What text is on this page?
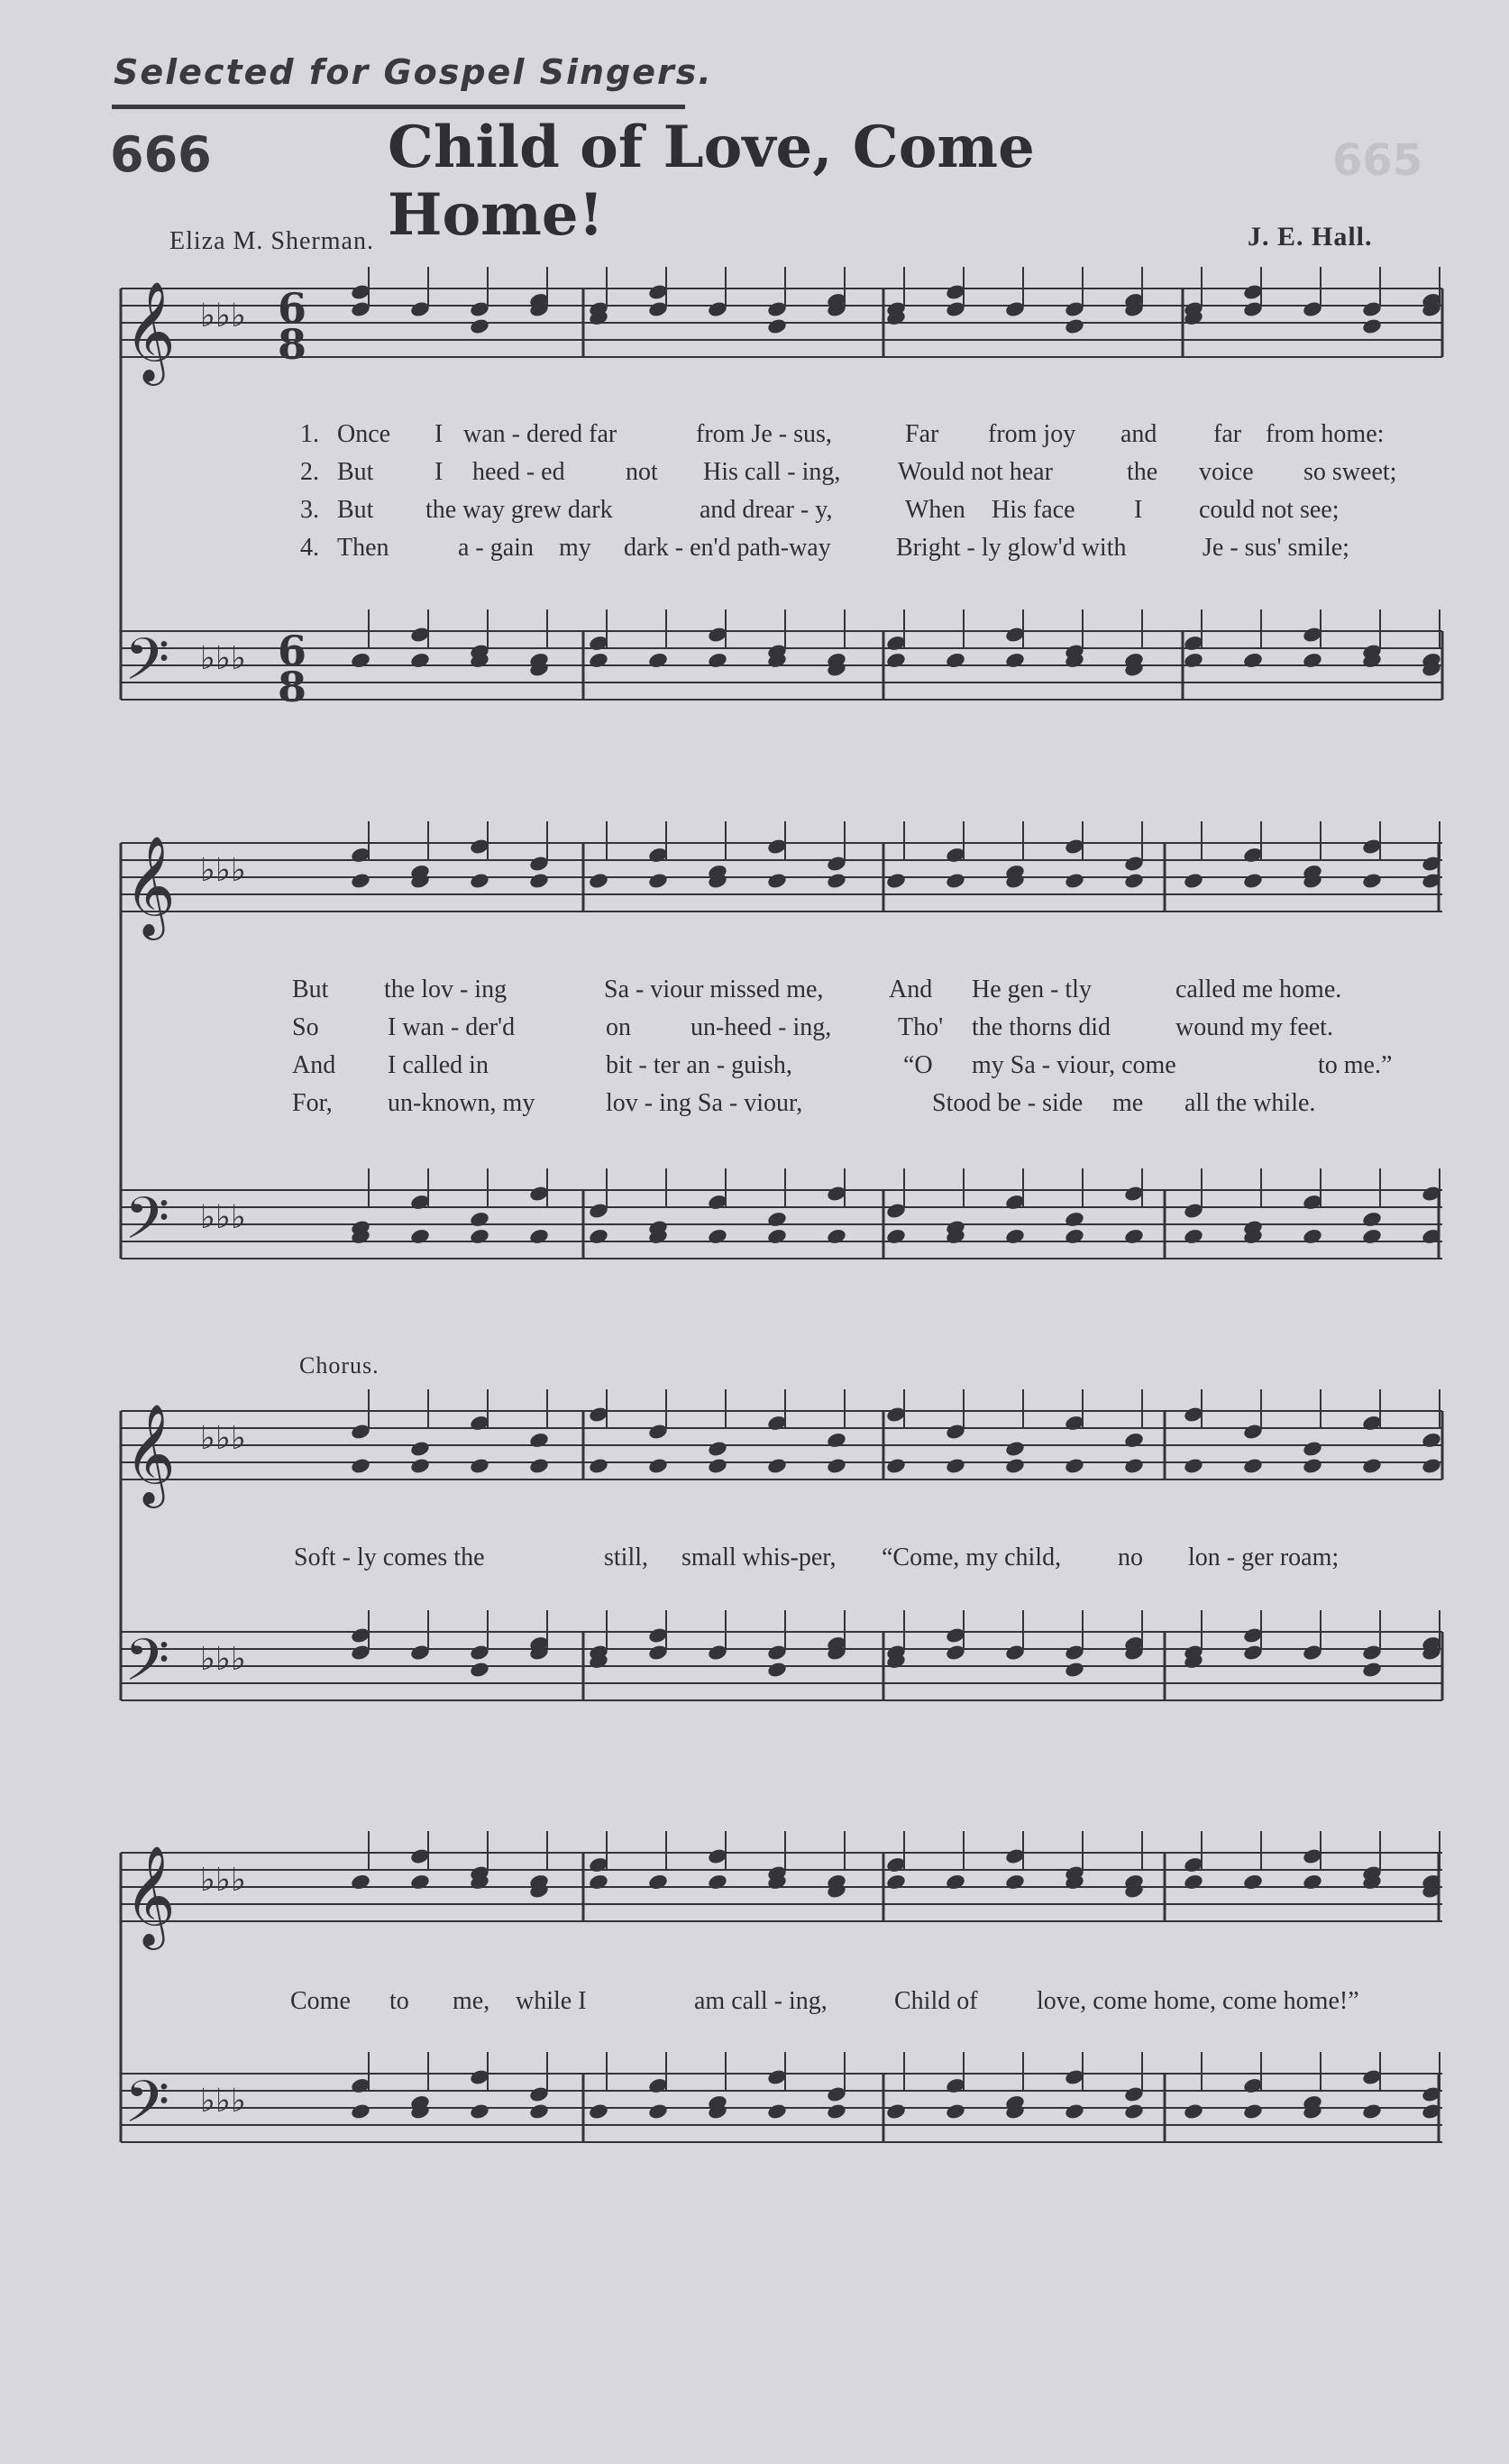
Selected for Gospel Singers.
666	Child of Love, Come Home!
Eliza M. Sherman.	J. E. Hall.
665
𝄞
𝄢
𝄞
𝄢
𝄞
𝄢
𝄞
𝄢
♭♭♭
♭♭♭
♭♭♭
♭♭♭
♭♭♭
♭♭♭
♭♭♭
♭♭♭
6
8
6
8
1. Once I wan - dered far	from Je - sus,	Far from joy and far from home:
2. But I heed - ed not His call - ing, Would not hear	the voice so sweet;
3. But the way grew dark	and drear - y,	When His face I could not see;
4. Then	a - gain my dark - en'd path-way	Bright - ly glow'd with	Je - sus' smile;
But the lov - ing	Sa - viour missed me,	And He gen - tly	called me home.
So	I wan - der'd	on un-heed - ing,	Tho' the thorns did	wound my feet.
And I called in	bit - ter an - guish,	“O my Sa - viour, come	to me.”
For, un-known, my	lov - ing Sa - viour,	Stood be - side me all the while.
Chorus.
Soft - ly comes the	still, small whis-per, “Come, my child, no lon - ger roam;
Come to me, while I	am call - ing,	Child of love, come home, come home!”
